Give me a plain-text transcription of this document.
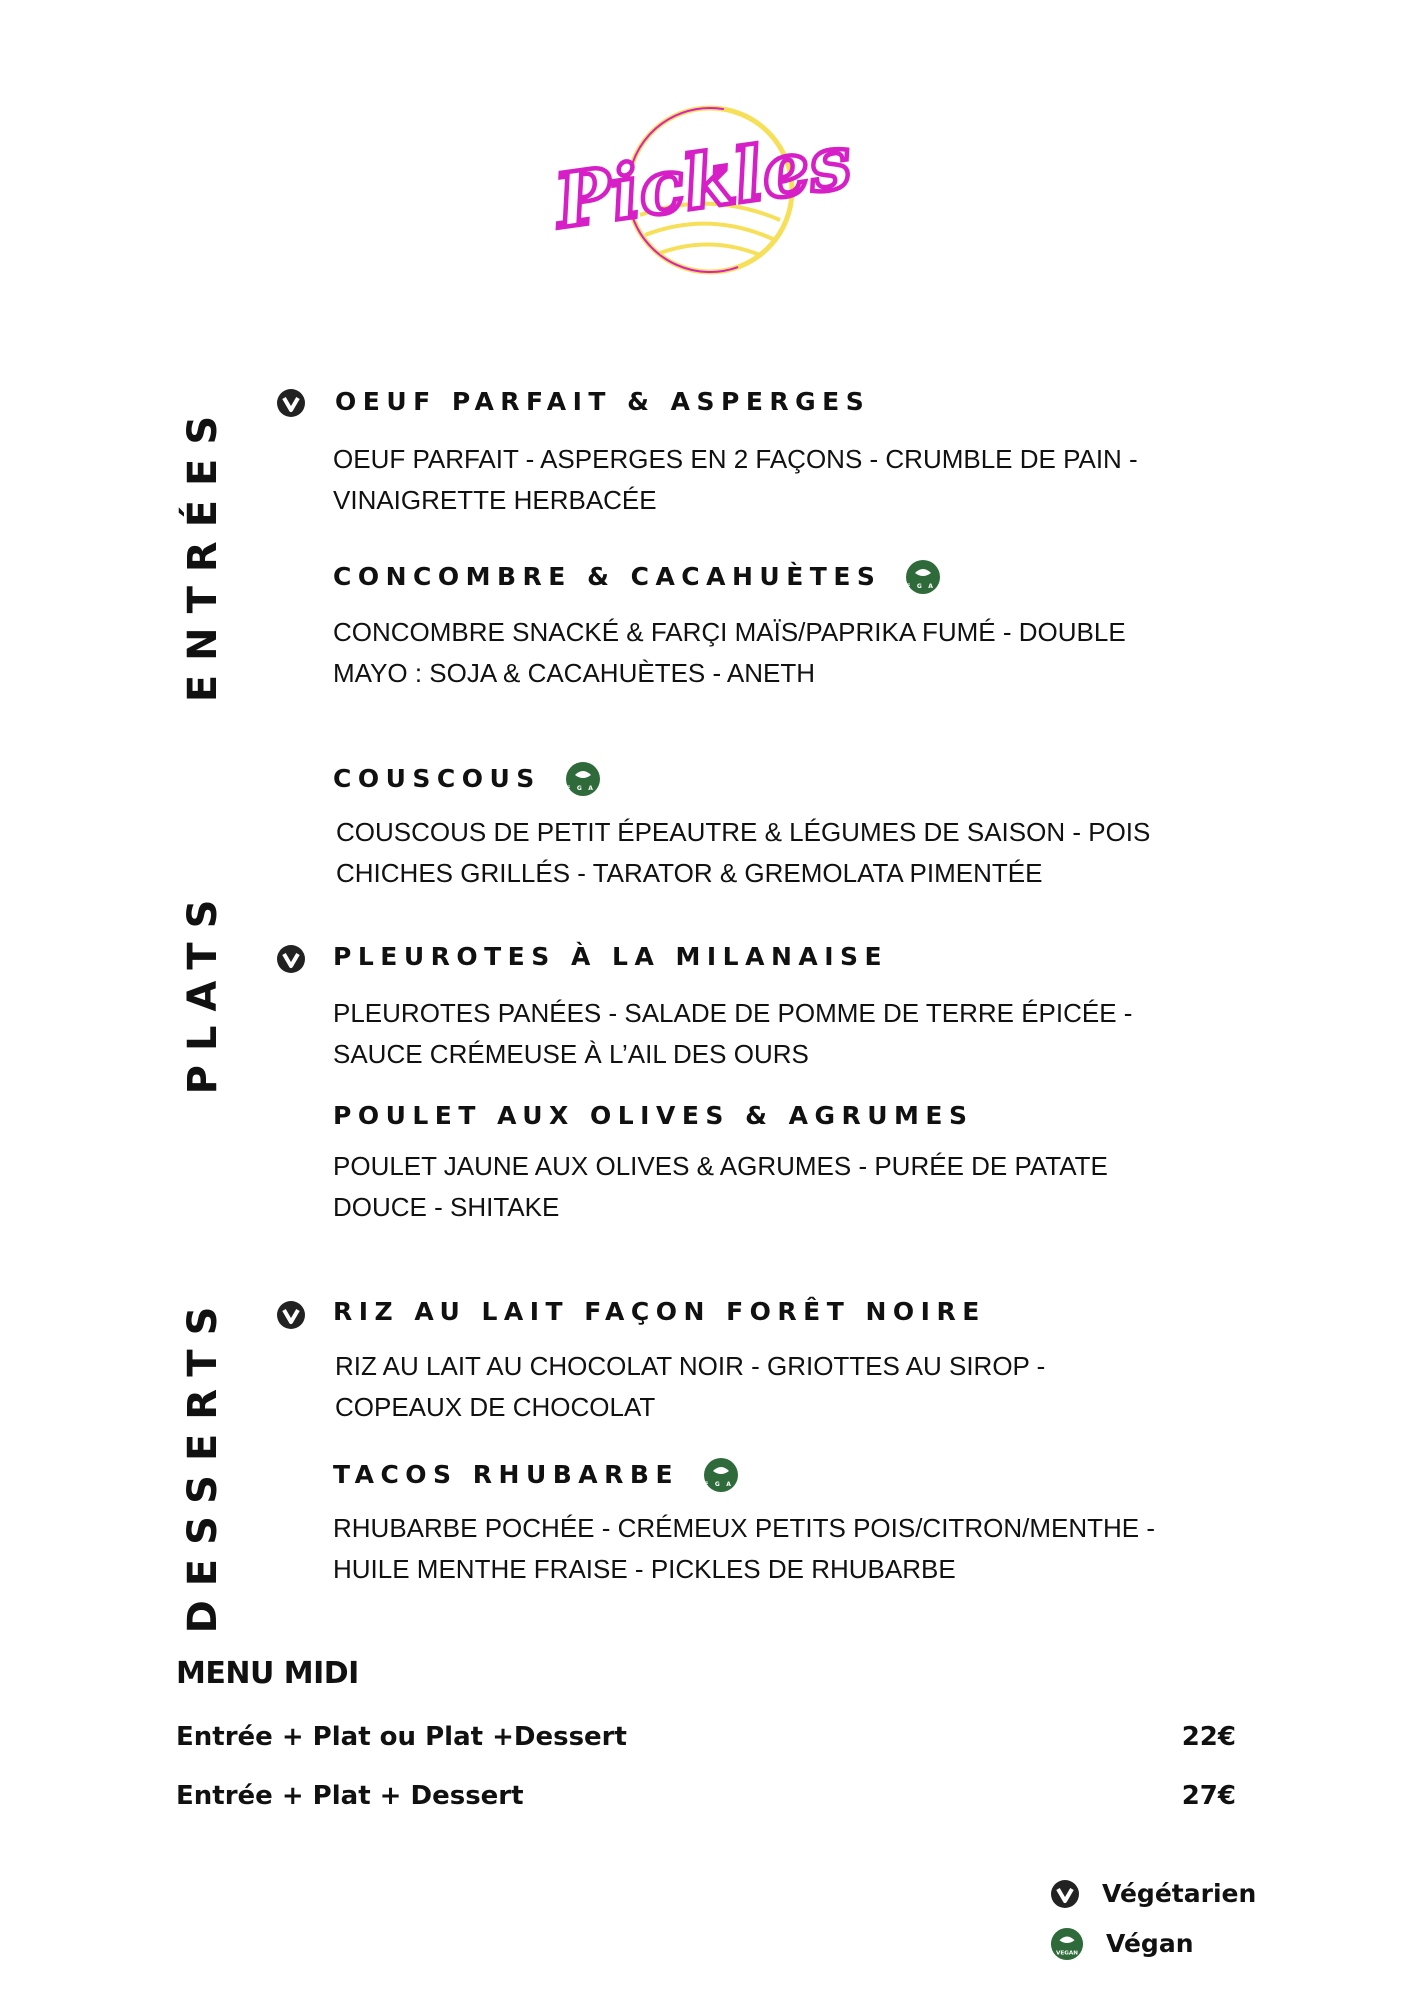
Pickles
ENTRÉES
PLATS
DESSERTS
OEUF PARFAIT & ASPERGES
OEUF PARFAIT - ASPERGES EN 2 FAÇONS - CRUMBLE DE PAIN -
VINAIGRETTE HERBACÉE
CONCOMBRE & CACAHUÈTES VEGAN
CONCOMBRE SNACKÉ & FARÇI MAÏS/PAPRIKA FUMÉ - DOUBLE
MAYO : SOJA & CACAHUÈTES - ANETH
COUSCOUS VEGAN
COUSCOUS DE PETIT ÉPEAUTRE & LÉGUMES DE SAISON - POIS
CHICHES GRILLÉS - TARATOR & GREMOLATA PIMENTÉE
PLEUROTES À LA MILANAISE
PLEUROTES PANÉES - SALADE DE POMME DE TERRE ÉPICÉE -
SAUCE CRÉMEUSE À L’AIL DES OURS
POULET AUX OLIVES & AGRUMES
POULET JAUNE AUX OLIVES & AGRUMES - PURÉE DE PATATE
DOUCE - SHITAKE
RIZ AU LAIT FAÇON FORÊT NOIRE
RIZ AU LAIT AU CHOCOLAT NOIR - GRIOTTES AU SIROP -
COPEAUX DE CHOCOLAT
TACOS RHUBARBE VEGAN
RHUBARBE POCHÉE - CRÉMEUX PETITS POIS/CITRON/MENTHE -
HUILE MENTHE FRAISE - PICKLES DE RHUBARBE
MENU MIDI
Entrée + Plat ou Plat +Dessert	22€
Entrée + Plat + Dessert	27€
Végétarien
VEGAN Végan
